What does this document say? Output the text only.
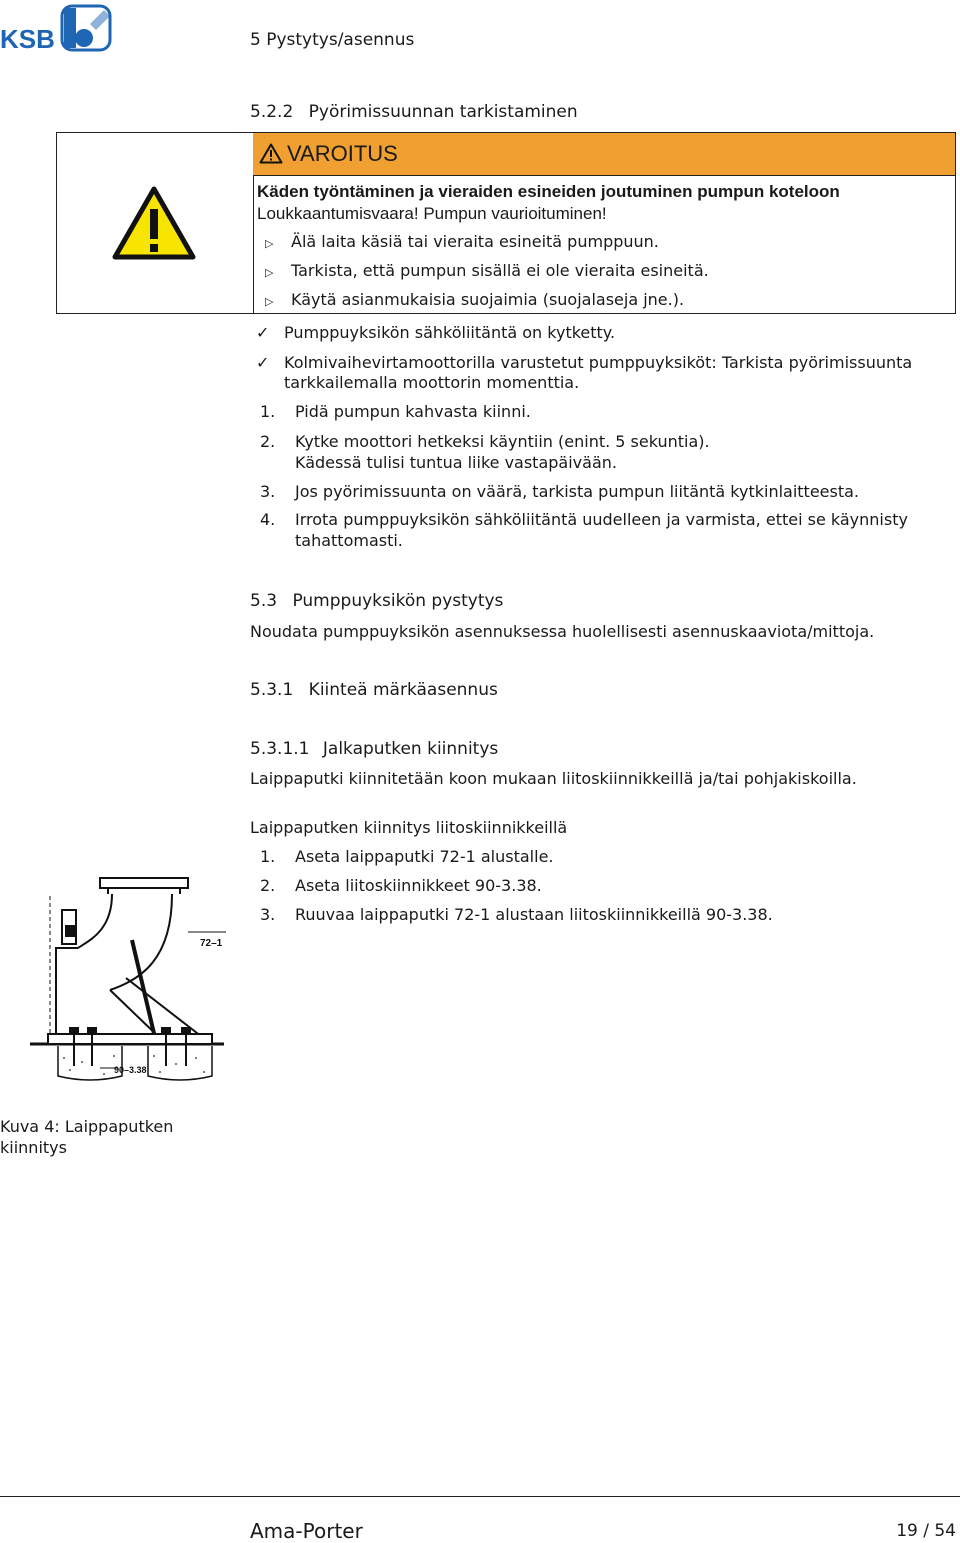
KSB	5 Pystytys/asennus
5.2.2 Pyörimissuunnan tarkistaminen
VAROITUS
Käden työntäminen ja vieraiden esineiden joutuminen pumpun koteloon
Loukkaantumisvaara! Pumpun vaurioituminen!
▷ Älä laita käsiä tai vieraita esineitä pumppuun.
▷ Tarkista, että pumpun sisällä ei ole vieraita esineitä.
▷ Käytä asianmukaisia suojaimia (suojalaseja jne.).
✓ Pumppuyksikön sähköliitäntä on kytketty.
✓ Kolmivaihevirtamoottorilla varustetut pumppuyksiköt: Tarkista pyörimissuunta
tarkkailemalla moottorin momenttia.
1. Pidä pumpun kahvasta kiinni.
2. Kytke moottori hetkeksi käyntiin (enint. 5 sekuntia).
Kädessä tulisi tuntua liike vastapäivään.
3. Jos pyörimissuunta on väärä, tarkista pumpun liitäntä kytkinlaitteesta.
4. Irrota pumppuyksikön sähköliitäntä uudelleen ja varmista, ettei se käynnisty
tahattomasti.
5.3 Pumppuyksikön pystytys
Noudata pumppuyksikön asennuksessa huolellisesti asennuskaaviota/mittoja.
5.3.1 Kiinteä märkäasennus
5.3.1.1 Jalkaputken kiinnitys
Laippaputki kiinnitetään koon mukaan liitoskiinnikkeillä ja/tai pohjakiskoilla.
Laippaputken kiinnitys liitoskiinnikkeillä
1. Aseta laippaputki 72-1 alustalle.
2. Aseta liitoskiinnikkeet 90-3.38.
3. Ruuvaa laippaputki 72-1 alustaan liitoskiinnikkeillä 90-3.38.
72–1
90–3.38
Kuva 4: Laippaputken
kiinnitys
Ama-Porter	19 / 54
